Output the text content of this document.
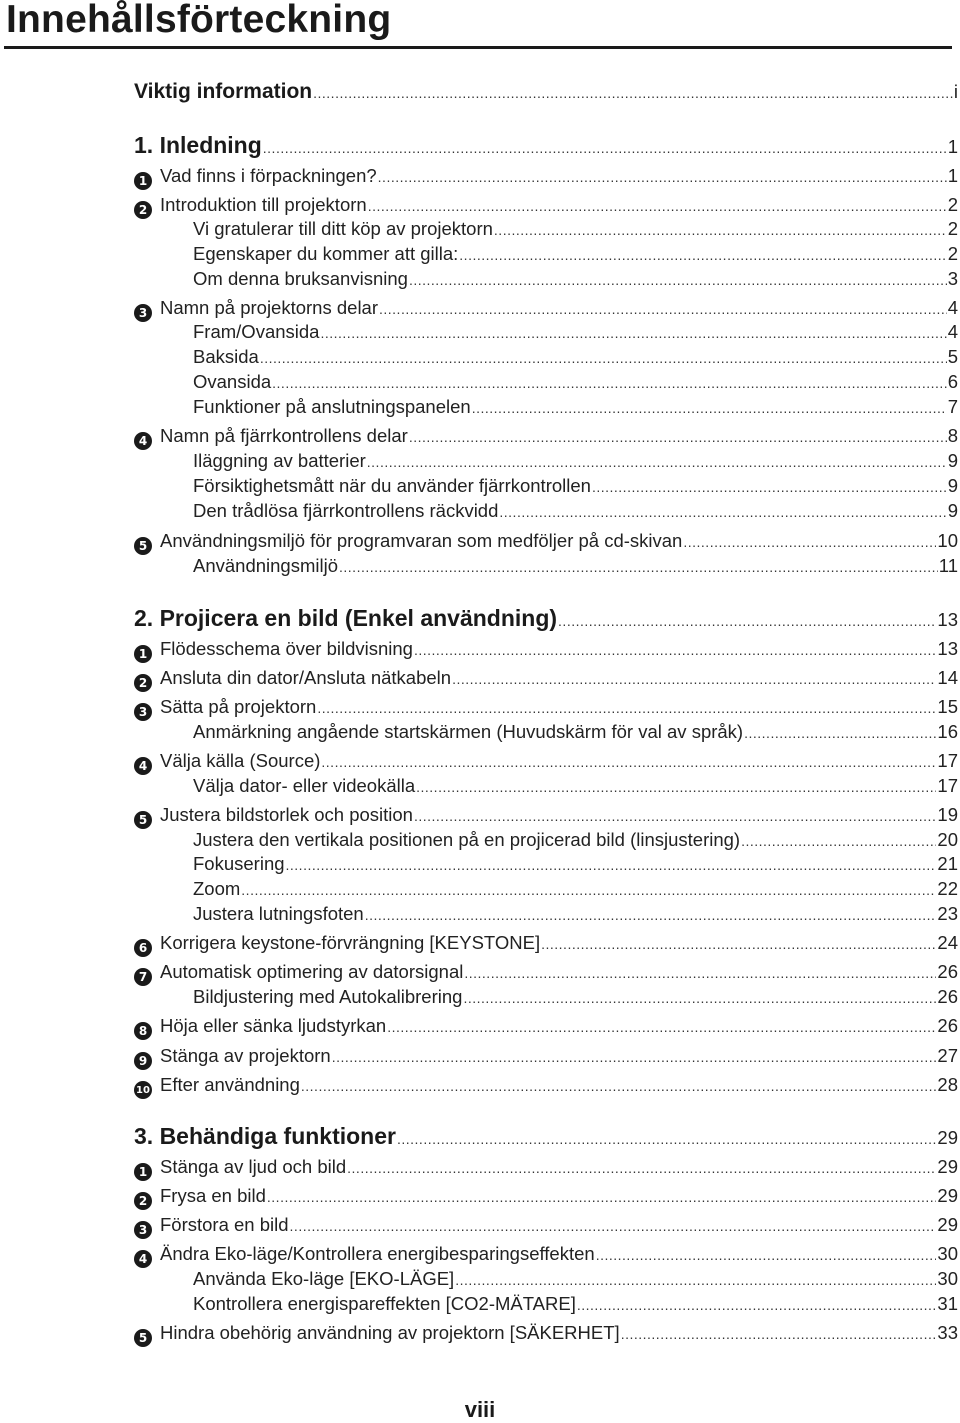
Innehållsförteckning
Viktig information .....	i
1. Inledning .....	1
Vad finns i förpackningen? .....	1
1
Introduktion till projektorn .....	2
2
Vi gratulerar till ditt köp av projektorn .....	2
Egenskaper du kommer att gilla: .....	2
Om denna bruksanvisning .....	3
Namn på projektorns delar .....	4
3
Fram/Ovansida .....	4
Baksida .....	5
Ovansida .....	6
Funktioner på anslutningspanelen .....	7
Namn på fjärrkontrollens delar .....	8
4
Iläggning av batterier .....	9
Försiktighetsmått när du använder fjärrkontrollen .....	9
Den trådlösa fjärrkontrollens räckvidd .....	9
Användningsmiljö för programvaran som medföljer på cd-skivan .....	10
5
Användningsmiljö .....	11
2. Projicera en bild (Enkel användning) .....	13
Flödesschema över bildvisning .....	13
1
Ansluta din dator/Ansluta nätkabeln .....	14
2
Sätta på projektorn .....	15
3
Anmärkning angående startskärmen (Huvudskärm för val av språk) .....	16
Välja källa (Source) .....	17
4
Välja dator- eller videokälla .....	17
Justera bildstorlek och position .....	19
5
Justera den vertikala positionen på en projicerad bild (linsjustering) .....	20
Fokusering .....	21
Zoom .....	22
Justera lutningsfoten .....	23
Korrigera keystone-förvrängning [KEYSTONE] .....	24
6
Automatisk optimering av datorsignal .....	26
7
Bildjustering med Autokalibrering .....	26
Höja eller sänka ljudstyrkan .....	26
8
Stänga av projektorn .....	27
9
Efter användning .....	28
10
3. Behändiga funktioner .....	29
Stänga av ljud och bild .....	29
1
Frysa en bild .....	29
2
Förstora en bild .....	29
3
Ändra Eko-läge/Kontrollera energibesparingseffekten .....	30
4
Använda Eko-läge [EKO-LÄGE] .....	30
Kontrollera energispareffekten [CO2-MÄTARE] .....	31
Hindra obehörig användning av projektorn [SÄKERHET] .....	33
5
viii
